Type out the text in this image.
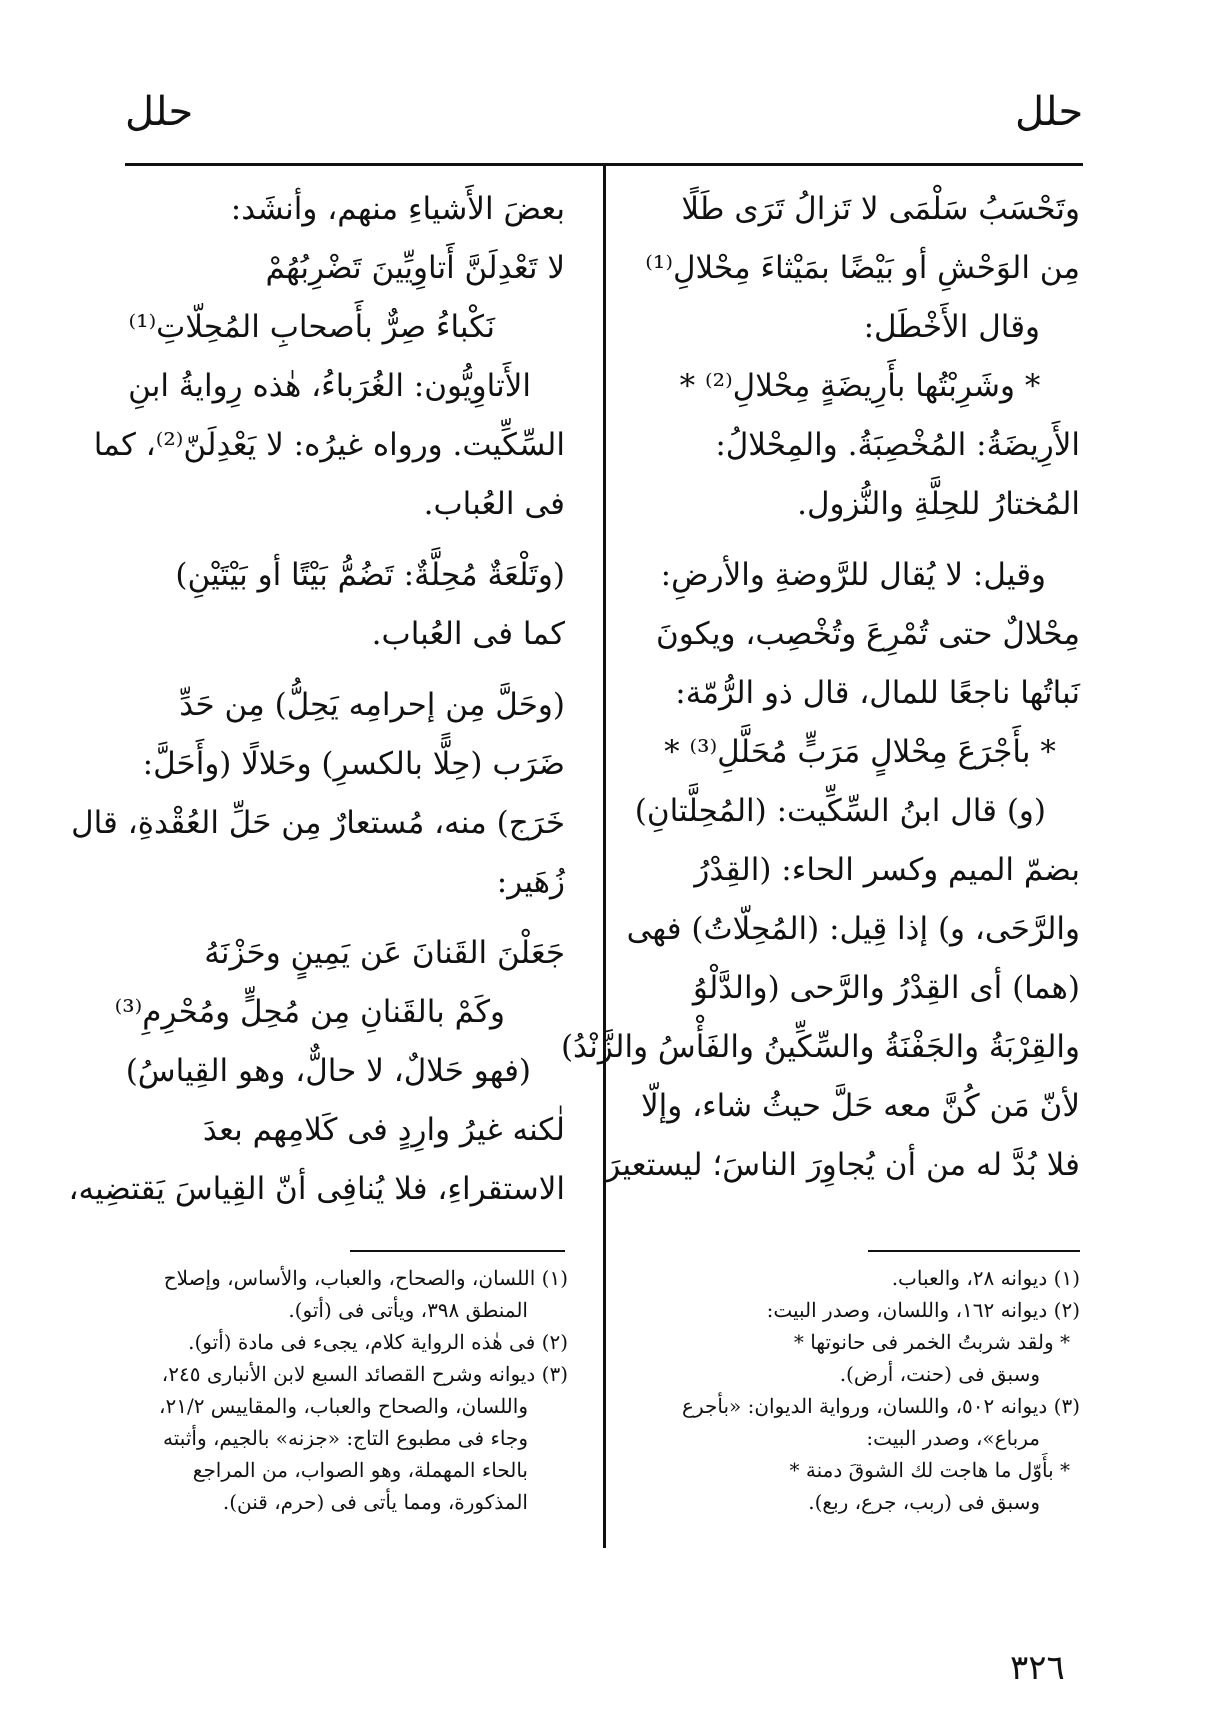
حلل
حلل
وتَحْسَبُ سَلْمَى لا تَزالُ تَرَى طَلًا
مِن الوَحْشِ أو بَيْضًا بمَيْثاءَ مِحْلالِ⁽¹⁾
وقال الأَخْطَل:
* وشَرِبْتُها بأَرِيضَةٍ مِحْلالِ⁽²⁾ *
الأَرِيضَةُ: المُخْصِبَةُ. والمِحْلالُ:
المُختارُ للحِلَّةِ والنُّزول.
وقيل: لا يُقال للرَّوضةِ والأرضِ:
مِحْلالٌ حتى تُمْرِعَ وتُخْصِب، ويكونَ
نَباتُها ناجعًا للمال، قال ذو الرُّمّة:
* بأَجْرَعَ مِحْلالٍ مَرَبٍّ مُحَلَّلِ⁽³⁾ *
(و) قال ابنُ السِّكِّيت: (المُحِلَّتانِ)
بضمّ الميم وكسر الحاء: (القِدْرُ
والرَّحَى، و) إذا قِيل: (المُحِلّاتُ) فهى
(هما) أى القِدْرُ والرَّحى (والدَّلْوُ
والقِرْبَةُ والجَفْنَةُ والسِّكِّينُ والفَأْسُ والزَّنْدُ)
لأنّ مَن كُنَّ معه حَلَّ حيثُ شاء، وإلّا
فلا بُدَّ له من أن يُجاوِرَ الناسَ؛ ليستعيرَ
بعضَ الأَشياءِ منهم، وأنشَد:
لا تَعْدِلَنَّ أَتاوِيِّينَ تَضْرِبُهُمْ
نَكْباءُ صِرٌّ بأَصحابِ المُحِلّاتِ⁽¹⁾
الأَتاوِيُّون: الغُرَباءُ، هٰذه رِوايةُ ابنِ
السِّكِّيت. ورواه غيرُه: لا يَعْدِلَنّ⁽²⁾، كما
فى العُباب.
(وتَلْعَةٌ مُحِلَّةٌ: تَضُمُّ بَيْتًا أو بَيْتَيْنِ)
كما فى العُباب.
(وحَلَّ مِن إحرامِه يَحِلُّ) مِن حَدِّ
ضَرَب (حِلًّا بالكسرِ) وحَلالًا (وأَحَلَّ:
خَرَج) منه، مُستعارٌ مِن حَلِّ العُقْدةِ، قال
زُهَير:
جَعَلْنَ القَنانَ عَن يَمِينٍ وحَزْنَهُ
وكَمْ بالقَنانِ مِن مُحِلٍّ ومُحْرِمِ⁽³⁾
(فهو حَلالٌ، لا حالٌّ، وهو القِياسُ)
لٰكنه غيرُ وارِدٍ فى كَلامِهم بعدَ
الاستقراءِ، فلا يُنافِى أنّ القِياسَ يَقتضِيه،
(١) ديوانه ٢٨، والعباب.
(٢) ديوانه ١٦٢، واللسان، وصدر البيت:
* ولقد شربتُ الخمر فى حانوتها *
وسبق فى (حنت، أرض).
(٣) ديوانه ٥٠٢، واللسان، ورواية الديوان: «بأجرع
مرباع»، وصدر البيت:
* بأَوّل ما هاجت لك الشوقَ دمنة *
وسبق فى (ربب، جرع، ربع).
(١) اللسان، والصحاح، والعباب، والأساس، وإصلاح
المنطق ٣٩٨، ويأتى فى (أتو).
(٢) فى هٰذه الرواية كلام، يجىء فى مادة (أتو).
(٣) ديوانه وشرح القصائد السبع لابن الأنبارى ٢٤٥،
واللسان، والصحاح والعباب، والمقاييس ٢١/٢،
وجاء فى مطبوع التاج: «جزنه» بالجيم، وأثبته
بالحاء المهملة، وهو الصواب، من المراجع
المذكورة، ومما يأتى فى (حرم، قنن).
٣٢٦
